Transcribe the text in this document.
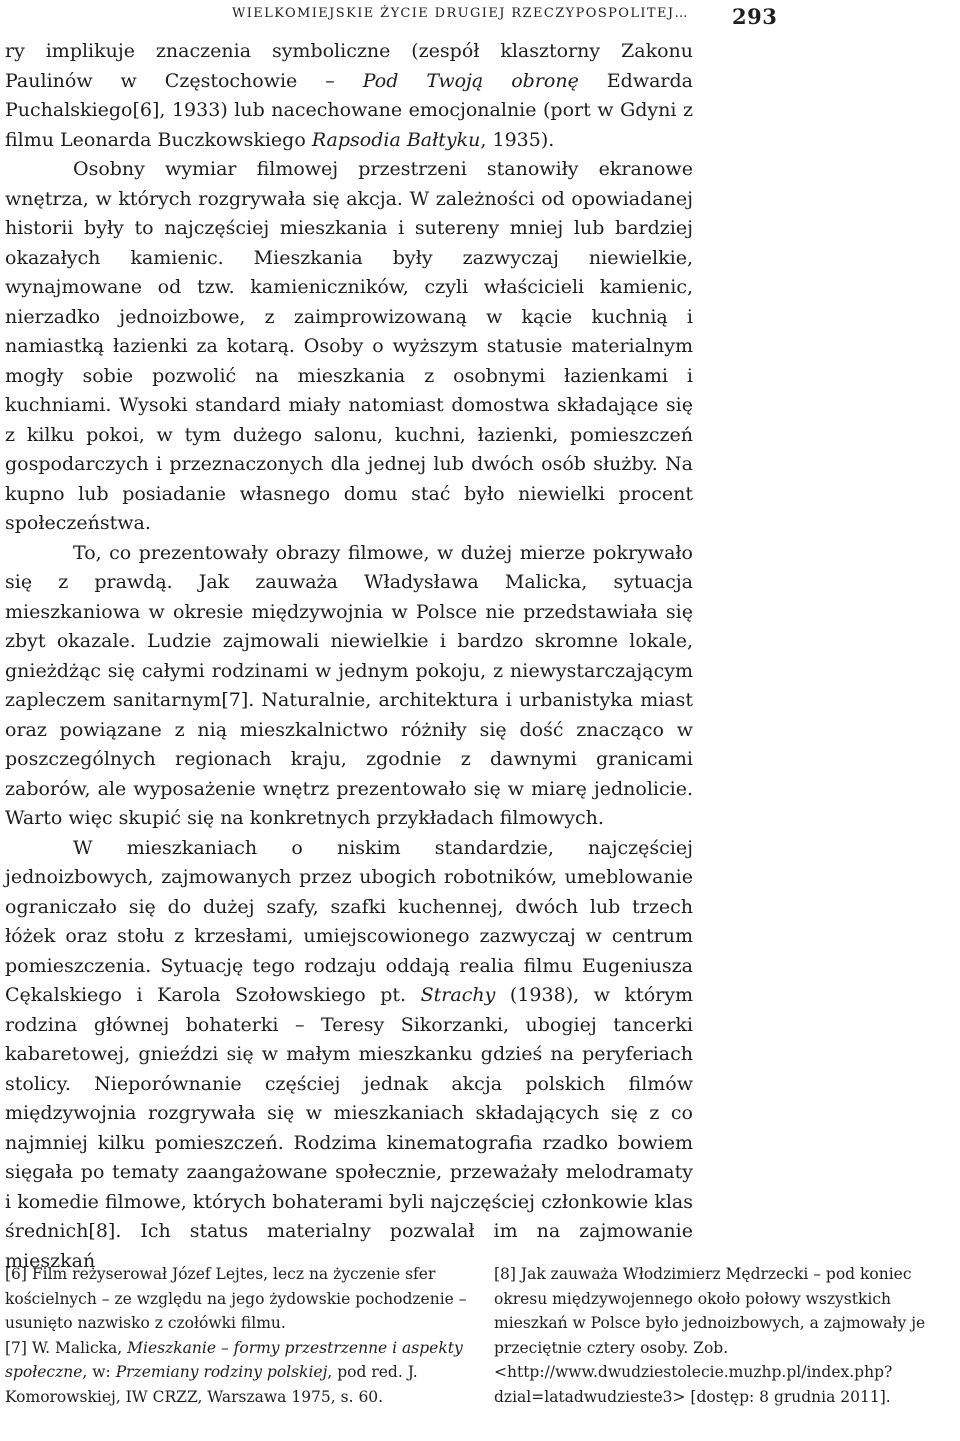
WIELKOMIEJSKIE ŻYCIE DRUGIEJ RZECZYPOSPOLITEJ… 293

ry implikuje znaczenia symboliczne (zespół klasztorny Zakonu Paulinów w Częstochowie – Pod Twoją obronę Edwarda Puchalskiego[6], 1933) lub nacechowane emocjonalnie (port w Gdyni z filmu Leonarda Buczkowskiego Rapsodia Bałtyku, 1935).

Osobny wymiar filmowej przestrzeni stanowiły ekranowe wnętrza, w których rozgrywała się akcja. W zależności od opowiadanej historii były to najczęściej mieszkania i sutereny mniej lub bardziej okazałych kamienic. Mieszkania były zazwyczaj niewielkie, wynajmowane od tzw. kamieniczników, czyli właścicieli kamienic, nierzadko jednoizbowe, z zaimprowizowaną w kącie kuchnią i namiastką łazienki za kotarą. Osoby o wyższym statusie materialnym mogły sobie pozwolić na mieszkania z osobnymi łazienkami i kuchniami. Wysoki standard miały natomiast domostwa składające się z kilku pokoi, w tym dużego salonu, kuchni, łazienki, pomieszczeń gospodarczych i przeznaczonych dla jednej lub dwóch osób służby. Na kupno lub posiadanie własnego domu stać było niewielki procent społeczeństwa.

To, co prezentowały obrazy filmowe, w dużej mierze pokrywało się z prawdą. Jak zauważa Władysława Malicka, sytuacja mieszkaniowa w okresie międzywojnia w Polsce nie przedstawiała się zbyt okazale. Ludzie zajmowali niewielkie i bardzo skromne lokale, gnieżdżąc się całymi rodzinami w jednym pokoju, z niewystarczającym zapleczem sanitarnym[7]. Naturalnie, architektura i urbanistyka miast oraz powiązane z nią mieszkalnictwo różniły się dość znacząco w poszczególnych regionach kraju, zgodnie z dawnymi granicami zaborów, ale wyposażenie wnętrz prezentowało się w miarę jednolicie. Warto więc skupić się na konkretnych przykładach filmowych.

W mieszkaniach o niskim standardzie, najczęściej jednoizbowych, zajmowanych przez ubogich robotników, umeblowanie ograniczało się do dużej szafy, szafki kuchennej, dwóch lub trzech łóżek oraz stołu z krzesłami, umiejscowionego zazwyczaj w centrum pomieszczenia. Sytuację tego rodzaju oddają realia filmu Eugeniusza Cękalskiego i Karola Szołowskiego pt. Strachy (1938), w którym rodzina głównej bohaterki – Teresy Sikorzanki, ubogiej tancerki kabaretowej, gnieździ się w małym mieszkanku gdzieś na peryferiach stolicy. Nieporównanie częściej jednak akcja polskich filmów międzywojnia rozgrywała się w mieszkaniach składających się z co najmniej kilku pomieszczeń. Rodzima kinematografia rzadko bowiem sięgała po tematy zaangażowane społecznie, przeważały melodramaty i komedie filmowe, których bohaterami byli najczęściej członkowie klas średnich[8]. Ich status materialny pozwalał im na zajmowanie mieszkań

[6] Film reżyserował Józef Lejtes, lecz na życzenie sfer kościelnych – ze względu na jego żydowskie pochodzenie – usunięto nazwisko z czołówki filmu.

[7] W. Malicka, Mieszkanie – formy przestrzenne i aspekty społeczne, w: Przemiany rodziny polskiej, pod red. J. Komorowskiej, IW CRZZ, Warszawa 1975, s. 60.

[8] Jak zauważa Włodzimierz Mędrzecki – pod koniec okresu międzywojennego około połowy wszystkich mieszkań w Polsce było jednoizbowych, a zajmowały je przeciętnie cztery osoby. Zob. <http://www.dwudziestolecie.muzhp.pl/index.php?dzial=latadwudzieste3> [dostęp: 8 grudnia 2011].
